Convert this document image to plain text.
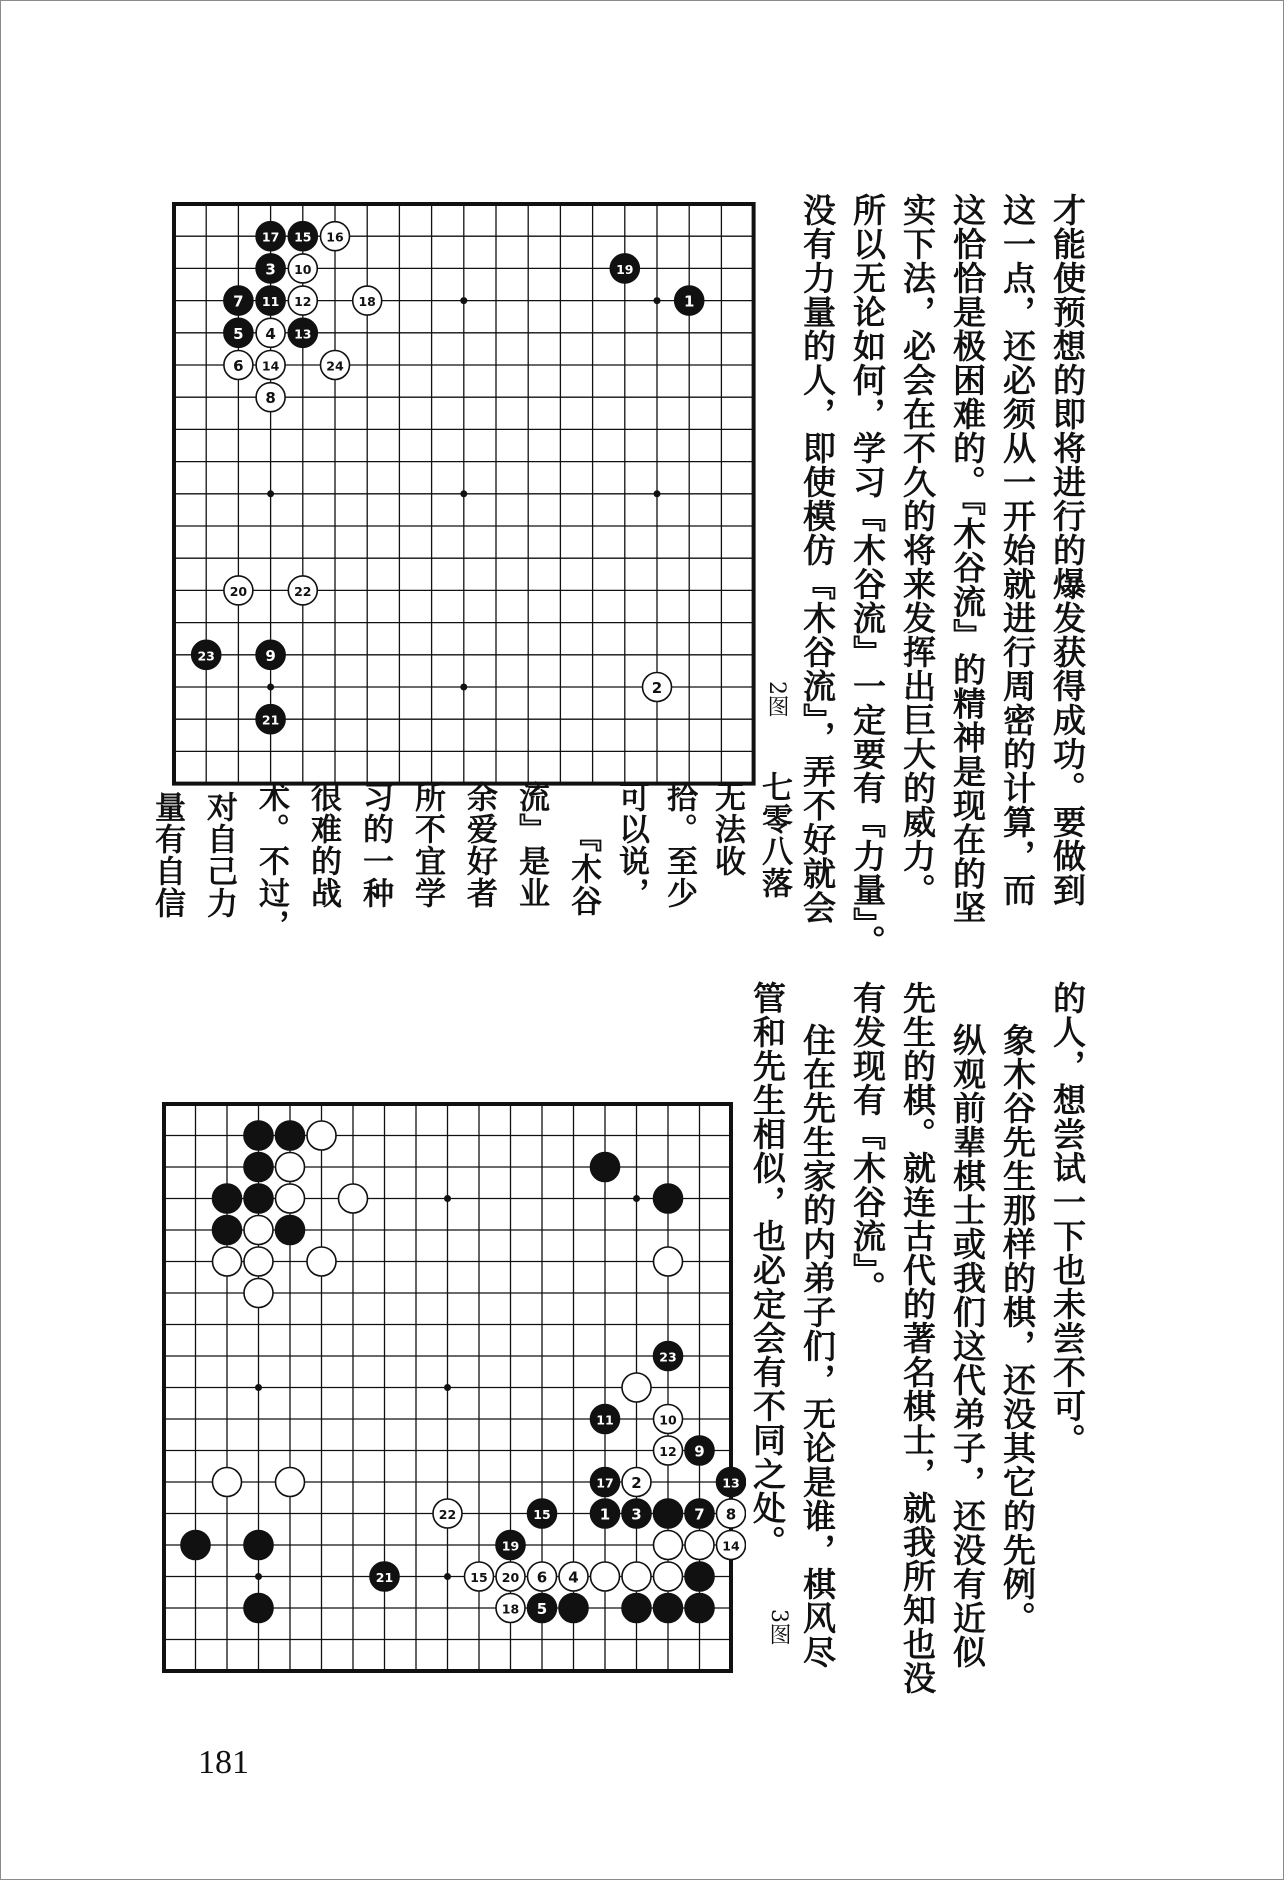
17 15 16
3 10	19
7 11 12	18	1
5 4 13
6 14	24
8
20	22
23	9
2
21
23
11	10
12 9
17 2	13
22	15	1 3	7 8
19	14
21	15 20 6 4
18 5
才能使预想的即将进行的爆发获得成功。要做到
这一点，还必须从一开始就进行周密的计算，而
这恰恰是极困难的。『木谷流』的精神是现在的坚
实下法，必会在不久的将来发挥出巨大的威力。
所以无论如何，学习『木谷流』一定要有『力量』。
没有力量的人，即使模仿『木谷流』，弄不好就会
2图
七零八落
无法收
拾。至少
可以说，
『木谷
流』是业
余爱好者
所不宜学
习的一种
很难的战
术。不过，
对自己力
量有自信
的人，想尝试一下也未尝不可。
象木谷先生那样的棋，还没其它的先例。
纵观前辈棋士或我们这代弟子，还没有近似
先生的棋。就连古代的著名棋士，就我所知也没
有发现有『木谷流』。
住在先生家的内弟子们，无论是谁，棋风尽
管和先生相似，也必定会有不同之处。
3图
181
